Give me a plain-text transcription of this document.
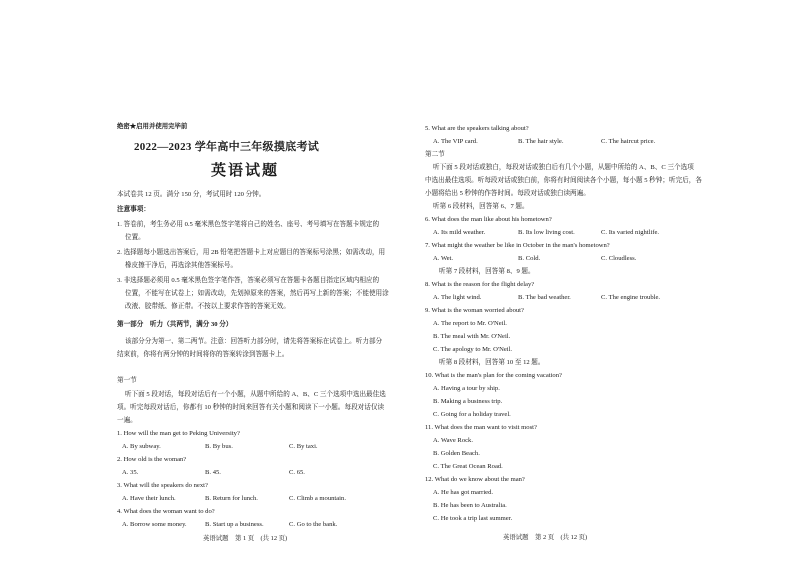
绝密★启用并使用完毕前
2022—2023 学年高中三年级摸底考试
英语试题
本试卷共 12 页。满分 150 分，考试用时 120 分钟。
注意事项：
1. 答卷前，考生务必用 0.5 毫米黑色签字笔将自己的姓名、座号、考号填写在答题卡规定的
位置。
2. 选择题每小题选出答案后，用 2B 铅笔把答题卡上对应题目的答案标号涂黑；如需改动，用
橡皮擦干净后，再选涂其他答案标号。
3. 非选择题必须用 0.5 毫米黑色签字笔作答，答案必须写在答题卡各题目指定区域内相应的
位置，不能写在试卷上；如需改动，先划掉原来的答案，然后再写上新的答案；不能使用涂
改液、胶带纸、修正带。不按以上要求作答的答案无效。
第一部分　听力（共两节，满分 30 分）
该部分分为第一、第二两节。注意：回答听力部分时，请先将答案标在试卷上。听力部分
结束前，你将有两分钟的时间将你的答案转涂到答题卡上。
第一节
听下面 5 段对话，每段对话后有一个小题，从题中所给的 A、B、C 三个选项中选出最佳选
项。听完每段对话后，你都有 10 秒钟的时间来回答有关小题和阅读下一小题。每段对话仅读
一遍。
1. How will the man get to Peking University?
A. By subway.	B. By bus.	C. By taxi.
2. How old is the woman?
A. 35.	B. 45.	C. 65.
3. What will the speakers do next?
A. Have their lunch.	B. Return for lunch.	C. Climb a mountain.
4. What does the woman want to do?
A. Borrow some money.	B. Start up a business.	C. Go to the bank.
英语试题　第 1 页　(共 12 页)
5. What are the speakers talking about?
A. The VIP card.	B. The hair style.	C. The haircut price.
第二节
听下面 5 段对话或独白，每段对话或独白后有几个小题，从题中所给的 A、B、C 三个选项
中选出最佳选项。听每段对话或独白前，你将有时间阅读各个小题，每小题 5 秒钟；听完后，各
小题将给出 5 秒钟的作答时间。每段对话或独白读两遍。
听第 6 段材料，回答第 6、7 题。
6. What does the man like about his hometown?
A. Its mild weather.	B. Its low living cost.	C. Its varied nightlife.
7. What might the weather be like in October in the man's hometown?
A. Wet.	B. Cold.	C. Cloudless.
听第 7 段材料，回答第 8、9 题。
8. What is the reason for the flight delay?
A. The light wind.	B. The bad weather.	C. The engine trouble.
9. What is the woman worried about?
A. The report to Mr. O'Neil.
B. The meal with Mr. O'Neil.
C. The apology to Mr. O'Neil.
听第 8 段材料，回答第 10 至 12 题。
10. What is the man's plan for the coming vacation?
A. Having a tour by ship.
B. Making a business trip.
C. Going for a holiday travel.
11. What does the man want to visit most?
A. Wave Rock.
B. Golden Beach.
C. The Great Ocean Road.
12. What do we know about the man?
A. He has got married.
B. He has been to Australia.
C. He took a trip last summer.
英语试题　第 2 页　(共 12 页)
